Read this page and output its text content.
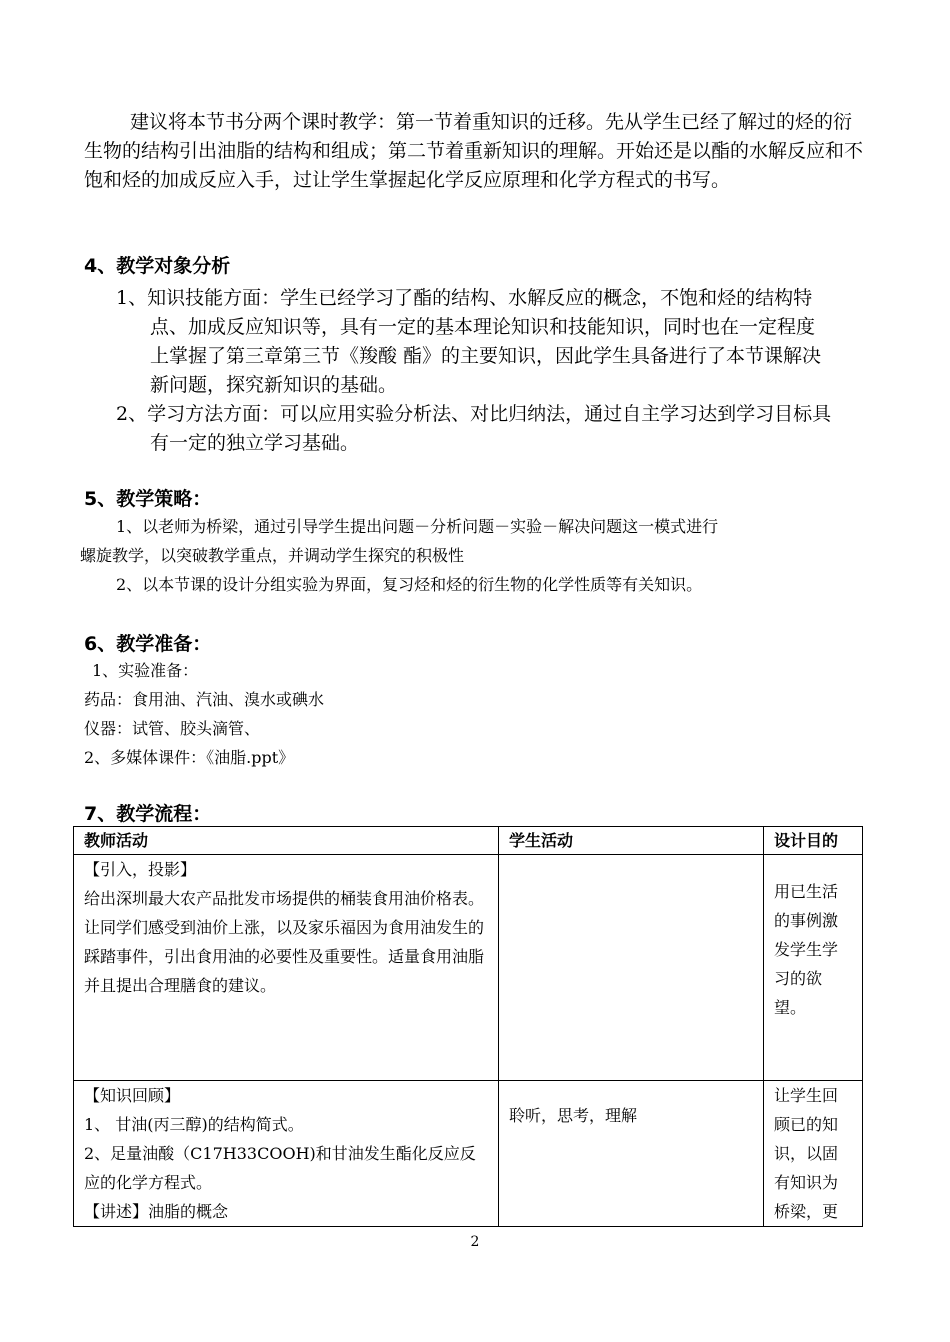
建议将本节书分两个课时教学：第一节着重知识的迁移。先从学生已经了解过的烃的衍生物的结构引出油脂的结构和组成；第二节着重新知识的理解。开始还是以酯的水解反应和不饱和烃的加成反应入手，过让学生掌握起化学反应原理和化学方程式的书写。

4、教学对象分析

1、知识技能方面：学生已经学习了酯的结构、水解反应的概念，不饱和烃的结构特点、加成反应知识等，具有一定的基本理论知识和技能知识，同时也在一定程度上掌握了第三章第三节《羧酸 酯》的主要知识，因此学生具备进行了本节课解决新问题，探究新知识的基础。

2、学习方法方面：可以应用实验分析法、对比归纳法，通过自主学习达到学习目标具有一定的独立学习基础。

5、教学策略：

1、以老师为桥梁，通过引导学生提出问题－分析问题－实验－解决问题这一模式进行

螺旋教学，以突破教学重点，并调动学生探究的积极性

2、以本节课的设计分组实验为界面，复习烃和烃的衍生物的化学性质等有关知识。

6、教学准备：
1、实验准备：
药品：食用油、汽油、溴水或碘水
仪器：试管、胶头滴管、
2、多媒体课件：《油脂.ppt》
7、教学流程：
教师活动	学生活动	设计目的

【引入，投影】
给出深圳最大农产品批发市场提供的桶装食用油价格表。让同学们感受到油价上涨，以及家乐福因为食用油发生的踩踏事件，引出食用油的必要性及重要性。适量食用油脂并且提出合理膳食的建议。		用已生活的事例激发学生学习的欲望。

【知识回顾】
1、 甘油(丙三醇)的结构简式。
2、足量油酸（C17H33COOH)和甘油发生酯化反应反应的化学方程式。
【讲述】油脂的概念	聆听，思考，理解	让学生回顾已的知识，以固有知识为桥梁，更
2
